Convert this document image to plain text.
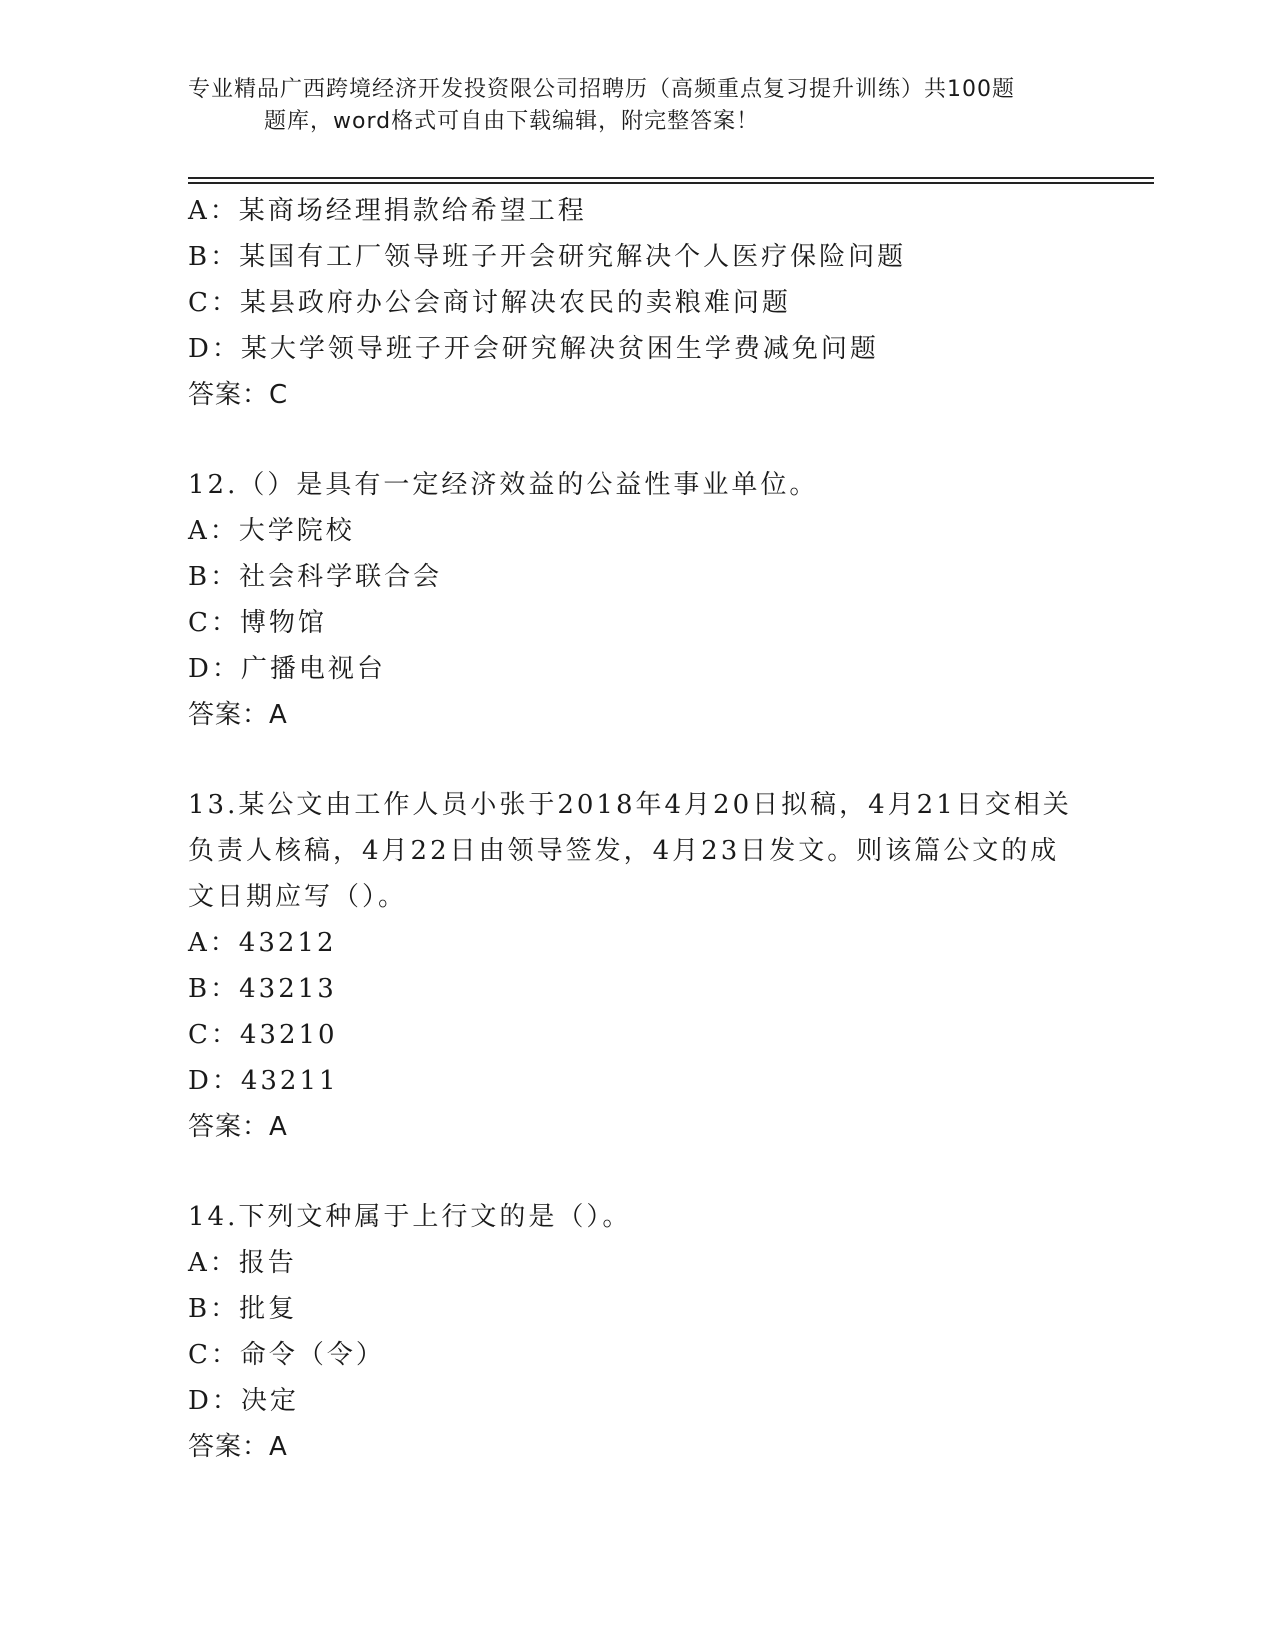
专业精品广西跨境经济开发投资限公司招聘历（高频重点复习提升训练）共100题
题库，word格式可自由下载编辑，附完整答案！
A：某商场经理捐款给希望工程
B：某国有工厂领导班子开会研究解决个人医疗保险问题
C：某县政府办公会商讨解决农民的卖粮难问题
D：某大学领导班子开会研究解决贫困生学费减免问题
答案：C
12.（）是具有一定经济效益的公益性事业单位。
A：大学院校
B：社会科学联合会
C：博物馆
D：广播电视台
答案：A
13.某公文由工作人员小张于2018年4月20日拟稿，4月21日交相关负责人核稿，4月22日由领导签发，4月23日发文。则该篇公文的成文日期应写（）。
A：43212
B：43213
C：43210
D：43211
答案：A
14.下列文种属于上行文的是（）。
A：报告
B：批复
C：命令（令）
D：决定
答案：A
